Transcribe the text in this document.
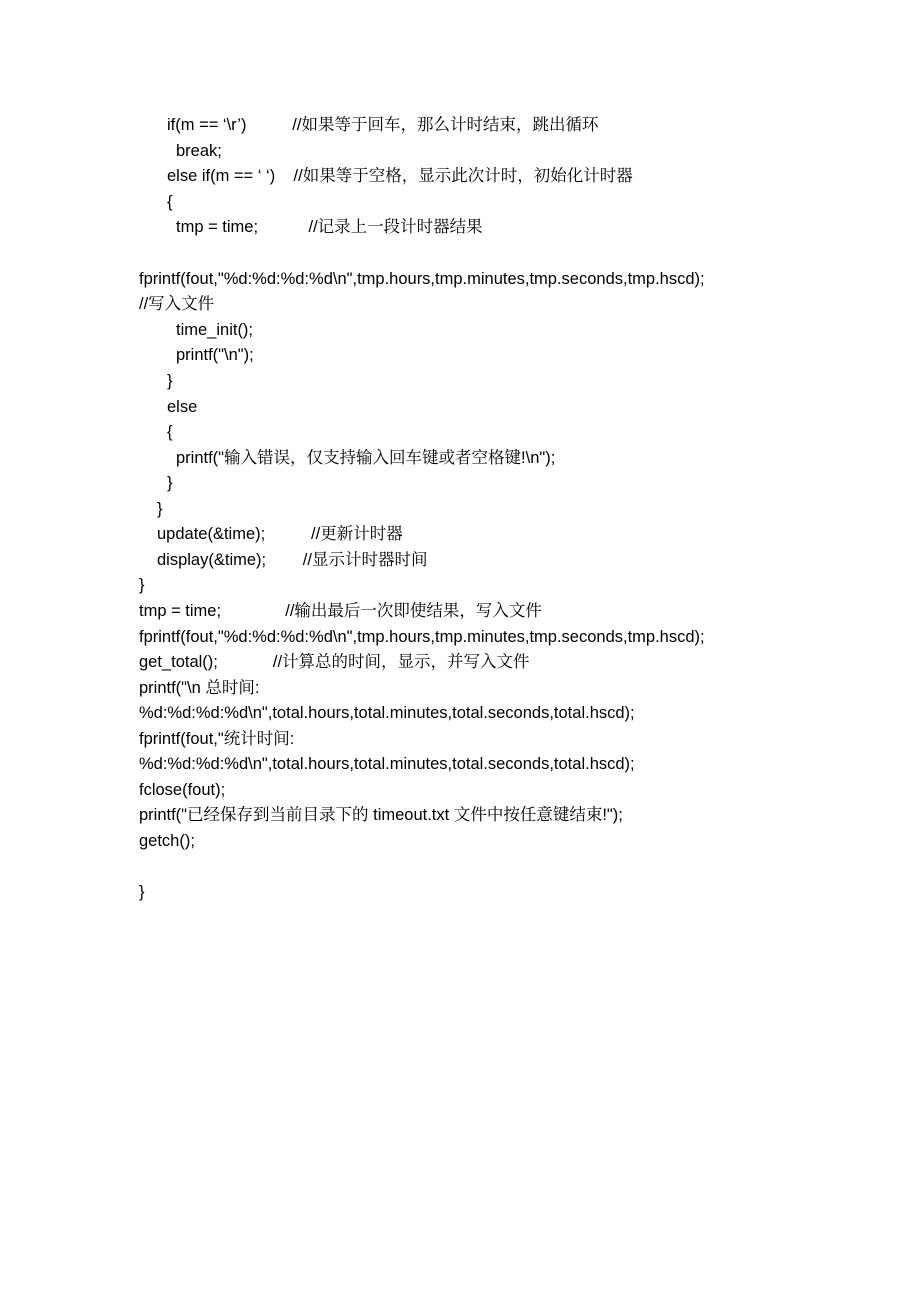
if(m == ‘\r’)          //如果等于回车，那么计时结束，跳出循环
break;
else if(m == ‘ ‘)    //如果等于空格，显示此次计时，初始化计时器
{
tmp = time;           //记录上一段计时器结果
fprintf(fout,"%d:%d:%d:%d\n",tmp.hours,tmp.minutes,tmp.seconds,tmp.hscd);
//写入文件
time_init();
printf("\n");
}
else
{
printf("输入错误，仅支持输入回车键或者空格键!\n");
}
}
update(&time);          //更新计时器
display(&time);        //显示计时器时间
}
tmp = time;              //输出最后一次即使结果，写入文件
fprintf(fout,"%d:%d:%d:%d\n",tmp.hours,tmp.minutes,tmp.seconds,tmp.hscd);
get_total();            //计算总的时间，显示，并写入文件
printf("\n 总时间:
%d:%d:%d:%d\n",total.hours,total.minutes,total.seconds,total.hscd);
fprintf(fout,"统计时间:
%d:%d:%d:%d\n",total.hours,total.minutes,total.seconds,total.hscd);
fclose(fout);
printf("已经保存到当前目录下的 timeout.txt 文件中按任意键结束!");
getch();
}
